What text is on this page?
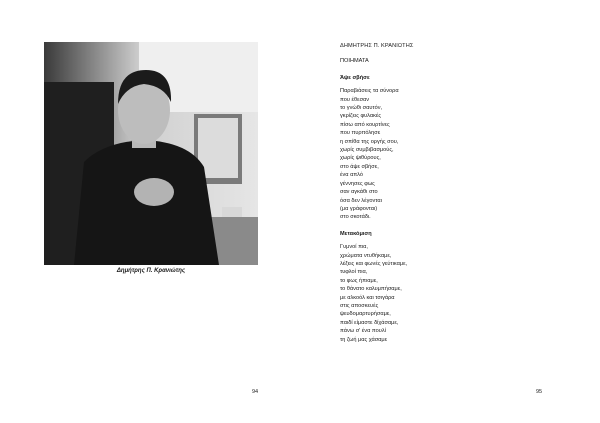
Δημήτρης Π. Κρανιώτης
94
ΔΗΜΗΤΡΗΣ Π. ΚΡΑΝΙΩΤΗΣ
ΠΟΙΗΜΑΤΑ
Άψε σβήσε
Παραβιάσεις τα σύνορα
που έθεσαν
το γνώθι σαυτόν,
γκρίζεις φυλακές
πίσω από κουρτίνες
που πυρπόλησε
η σπίθα της οργής σου,
χωρίς συμβιβασμούς,
χωρίς ψιθύρους,
στο άψε σβήσε,
ένα απλό
γέννησες φως
σαν αγκάθι στο
όσα δεν λέγονται
(μα γράφονται)
στο σκοτάδι.
Μετακόμιση
Γυμνοί πια,
χρώματα ντυθήκαμε,
λέξεις και φωνές γεύτικαμε,
τυφλοί πια,
το φως ήπιαμε,
το θάνατο καλυμπήσαμε,
με αλκοόλ και τσιγάρα
στις αποσκευές
ψευδομαρτυρήσαμε,
παιδί είμαστε δίχάσαμε,
πάνω σ' ένα πουλί
τη ζωή μας χάσαμε
95
